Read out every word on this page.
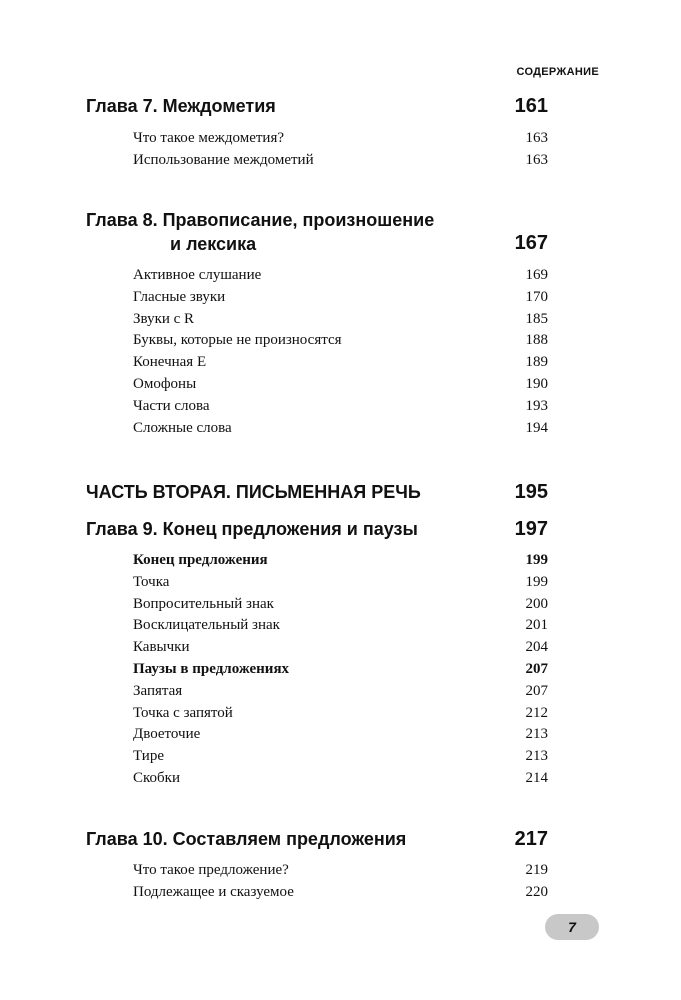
СОДЕРЖАНИЕ
Глава 7. Междометия	161
Что такое междометия?	163
Использование междометий	163
Глава 8. Правописание, произношение
и лексика	167
Активное слушание	169
Гласные звуки	170
Звуки с R	185
Буквы, которые не произносятся	188
Конечная Е	189
Омофоны	190
Части слова	193
Сложные слова	194
ЧАСТЬ ВТОРАЯ. ПИСЬМЕННАЯ РЕЧЬ	195
Глава 9. Конец предложения и паузы	197
Конец предложения	199
Точка	199
Вопросительный знак	200
Восклицательный знак	201
Кавычки	204
Паузы в предложениях	207
Запятая	207
Точка с запятой	212
Двоеточие	213
Тире	213
Скобки	214
Глава 10. Составляем предложения	217
Что такое предложение?	219
Подлежащее и сказуемое	220
7
